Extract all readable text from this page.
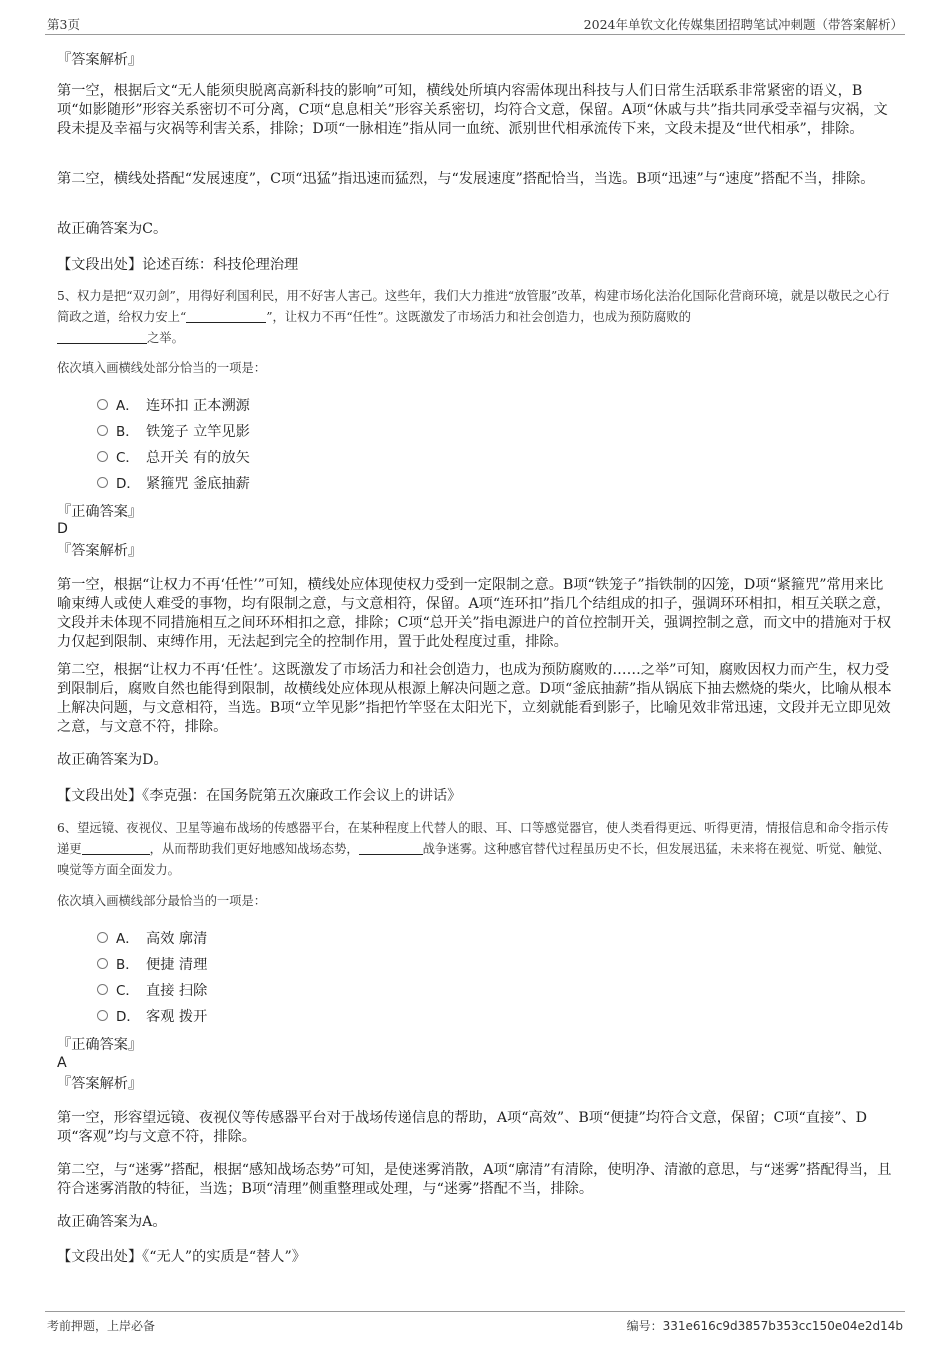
第3页	2024年单钦文化传媒集团招聘笔试冲刺题（带答案解析）
『答案解析』

第一空，根据后文“无人能须臾脱离高新科技的影响”可知，横线处所填内容需体现出科技与人们日常生活联系非常紧密的语义，B项“如影随形”形容关系密切不可分离，C项“息息相关”形容关系密切，均符合文意，保留。A项“休戚与共”指共同承受幸福与灾祸，文段未提及幸福与灾祸等利害关系，排除；D项“一脉相连”指从同一血统、派别世代相承流传下来，文段未提及“世代相承”，排除。

第二空，横线处搭配“发展速度”，C项“迅猛”指迅速而猛烈，与“发展速度”搭配恰当，当选。B项“迅速”与“速度”搭配不当，排除。

故正确答案为C。
【文段出处】论述百练：科技伦理治理

5、权力是把“双刃剑”，用得好利国利民，用不好害人害己。这些年，我们大力推进“放管服”改革，构建市场化法治化国际化营商环境，就是以敬民之心行简政之道，给权力安上“	”，让权力不再“任性”。这既激发了市场活力和社会创造力，也成为预防腐败的
之举。

依次填入画横线处部分恰当的一项是：
A． 连环扣 正本溯源
B． 铁笼子 立竿见影
C． 总开关 有的放矢
D． 紧箍咒 釜底抽薪
『正确答案』
D
『答案解析』

第一空，根据“让权力不再‘任性’”可知，横线处应体现使权力受到一定限制之意。B项“铁笼子”指铁制的囚笼，D项“紧箍咒”常用来比喻束缚人或使人难受的事物，均有限制之意，与文意相符，保留。A项“连环扣”指几个结组成的扣子，强调环环相扣，相互关联之意，文段并未体现不同措施相互之间环环相扣之意，排除；C项“总开关”指电源进户的首位控制开关，强调控制之意，而文中的措施对于权力仅起到限制、束缚作用，无法起到完全的控制作用，置于此处程度过重，排除。

第二空，根据“让权力不再‘任性’。这既激发了市场活力和社会创造力，也成为预防腐败的……之举”可知，腐败因权力而产生，权力受到限制后，腐败自然也能得到限制，故横线处应体现从根源上解决问题之意。D项“釜底抽薪”指从锅底下抽去燃烧的柴火，比喻从根本上解决问题，与文意相符，当选。B项“立竿见影”指把竹竿竖在太阳光下，立刻就能看到影子，比喻见效非常迅速，文段并无立即见效之意，与文意不符，排除。

故正确答案为D。
【文段出处】《李克强：在国务院第五次廉政工作会议上的讲话》

6、望远镜、夜视仪、卫星等遍布战场的传感器平台，在某种程度上代替人的眼、耳、口等感觉器官，使人类看得更远、听得更清，情报信息和命令指示传递更	，从而帮助我们更好地感知战场态势，	战争迷雾。这种感官替代过程虽历史不长，但发展迅猛，未来将在视觉、听觉、触觉、嗅觉等方面全面发力。

依次填入画横线部分最恰当的一项是：
A． 高效 廓清
B． 便捷 清理
C． 直接 扫除
D． 客观 拨开
『正确答案』
A
『答案解析』

第一空，形容望远镜、夜视仪等传感器平台对于战场传递信息的帮助，A项“高效”、B项“便捷”均符合文意，保留；C项“直接”、D项“客观”均与文意不符，排除。

第二空，与“迷雾”搭配，根据“感知战场态势”可知，是使迷雾消散，A项“廓清”有清除，使明净、清澈的意思，与“迷雾”搭配得当，且符合迷雾消散的特征，当选；B项“清理”侧重整理或处理，与“迷雾”搭配不当，排除。

故正确答案为A。
【文段出处】《“无人”的实质是“替人”》
考前押题，上岸必备	编号：331e616c9d3857b353cc150e04e2d14b
